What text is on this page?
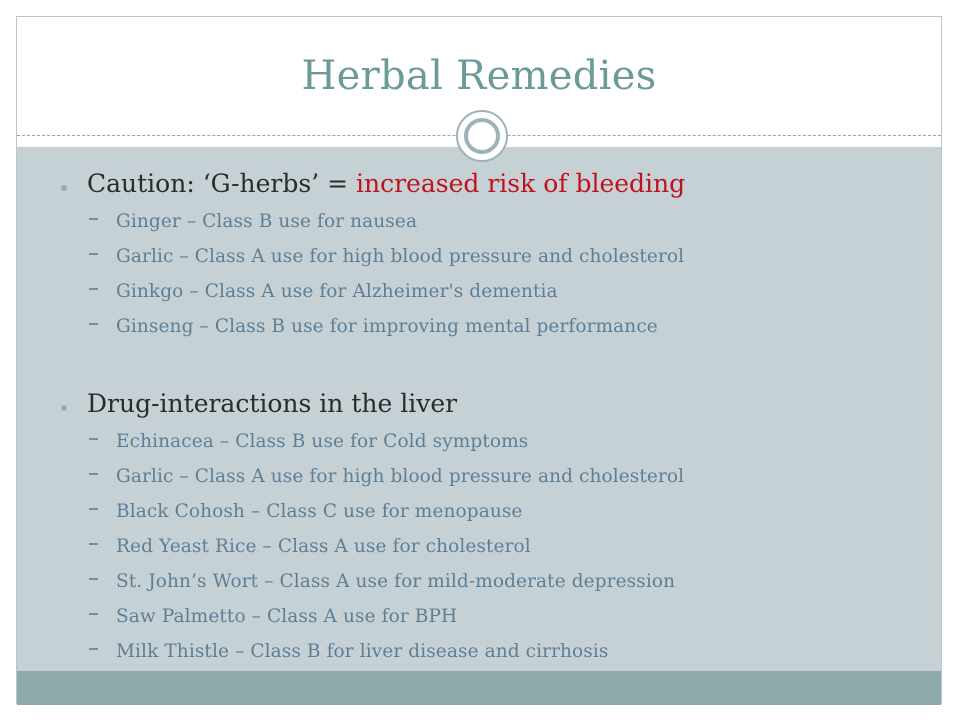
Herbal Remedies
Caution: ‘G-herbs’ = increased risk of bleeding
Ginger – Class B use for nausea
Garlic – Class A use for high blood pressure and cholesterol
Ginkgo – Class A use for Alzheimer's dementia
Ginseng – Class B use for improving mental performance
Drug-interactions in the liver
Echinacea – Class B use for Cold symptoms
Garlic – Class A use for high blood pressure and cholesterol
Black Cohosh – Class C use for menopause
Red Yeast Rice – Class A use for cholesterol
St. John’s Wort – Class A use for mild-moderate depression
Saw Palmetto – Class A use for BPH
Milk Thistle – Class B for liver disease and cirrhosis
